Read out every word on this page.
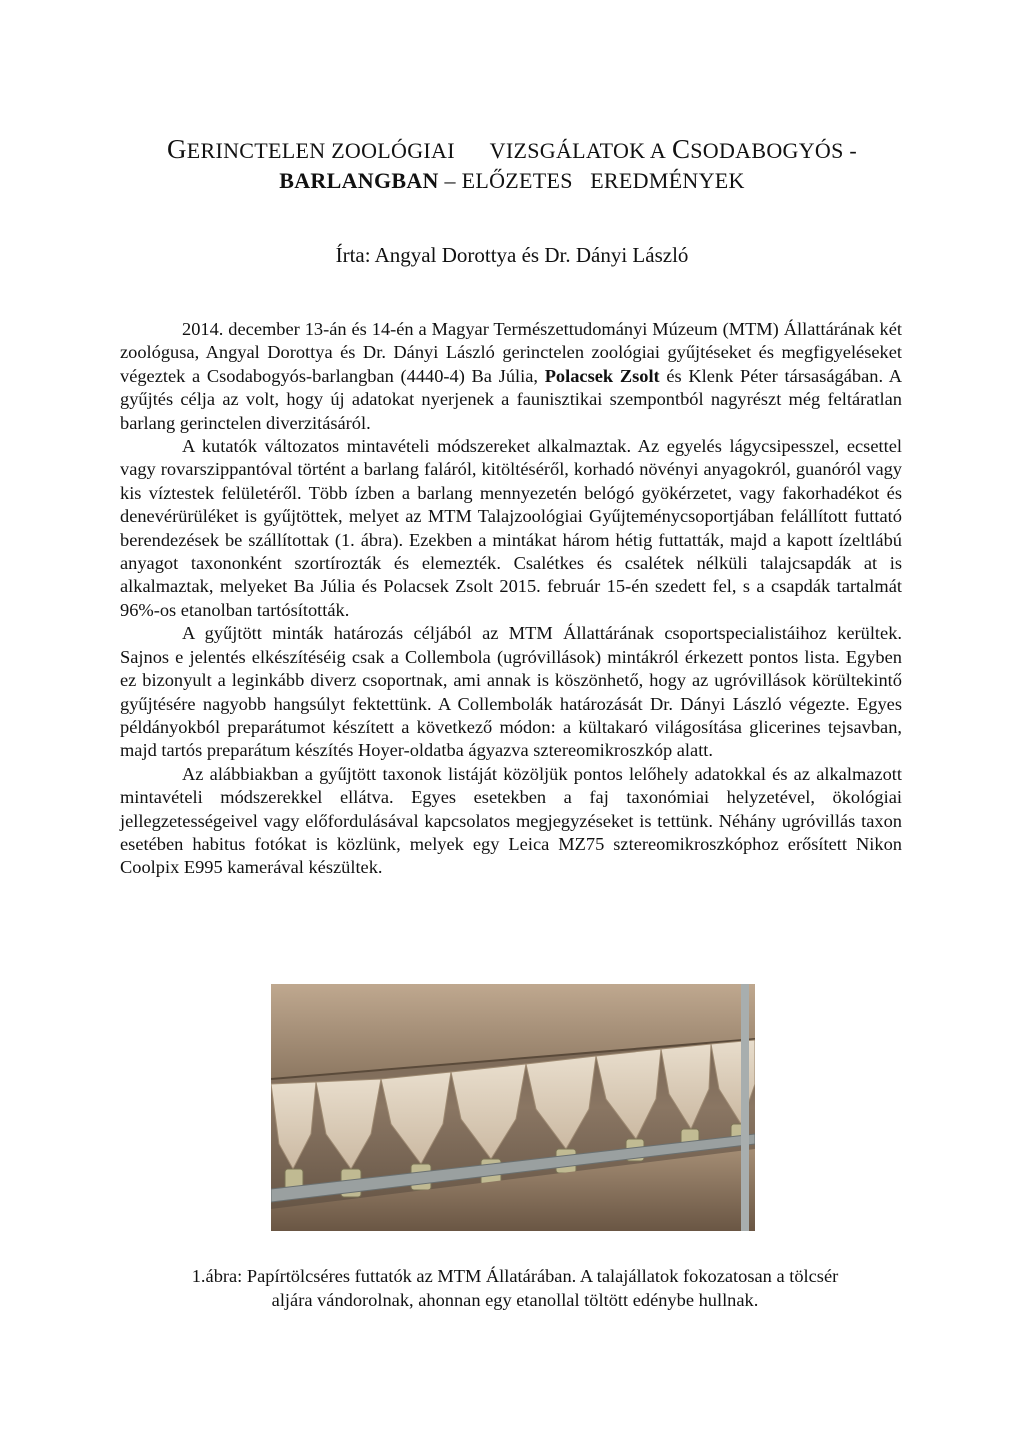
GERINCTELEN ZOOLÓGIAI VIZSGÁLATOK A CSODABOGYÓS -
BARLANGBAN – ELŐZETES   EREDMÉNYEK
Írta: Angyal Dorottya és Dr. Dányi László

2014. december 13-án és 14-én a Magyar Természettudományi Múzeum (MTM) Állattárának két zoológusa, Angyal Dorottya és Dr. Dányi László gerinctelen zoológiai gyűjtéseket és megfigyeléseket végeztek a Csodabogyós-barlangban (4440-4) Ba Júlia, Polacsek Zsolt és Klenk Péter társaságában. A gyűjtés célja az volt, hogy új adatokat nyerjenek a faunisztikai szempontból nagyrészt még feltáratlan barlang gerinctelen diverzitásáról.

A kutatók változatos mintavételi módszereket alkalmaztak. Az egyelés lágycsipesszel, ecsettel vagy rovarszippantóval történt a barlang faláról, kitöltéséről, korhadó növényi anyagokról, guanóról vagy kis víztestek felületéről. Több ízben a barlang mennyezetén belógó gyökérzetet, vagy fakorhadékot és denevérürüléket is gyűjtöttek, melyet az MTM Talajzoológiai Gyűjteménycsoportjában felállított futtató berendezések be szállítottak (1. ábra). Ezekben a mintákat három hétig futtatták, majd a kapott ízeltlábú anyagot taxononként szortírozták és elemezték. Csalétkes és csalétek nélküli talajcsapdák at is alkalmaztak, melyeket Ba Júlia és Polacsek Zsolt 2015. február 15-én szedett fel, s a csapdák tartalmát 96%-os etanolban tartósították.

A gyűjtött minták határozás céljából az MTM Állattárának csoportspecialistáihoz kerültek. Sajnos e jelentés elkészítéséig csak a Collembola (ugróvillások) mintákról érkezett pontos lista. Egyben ez bizonyult a leginkább diverz csoportnak, ami annak is köszönhető, hogy az ugróvillások körültekintő gyűjtésére nagyobb hangsúlyt fektettünk. A Collembolák határozását Dr. Dányi László végezte. Egyes példányokból preparátumot készített a következő módon: a kültakaró világosítása glicerines tejsavban, majd tartós preparátum készítés Hoyer-oldatba ágyazva sztereomikroszkóp alatt.

Az alábbiakban a gyűjtött taxonok listáját közöljük pontos lelőhely adatokkal és az alkalmazott mintavételi módszerekkel ellátva. Egyes esetekben a faj taxonómiai helyzetével, ökológiai jellegzetességeivel vagy előfordulásával kapcsolatos megjegyzéseket is tettünk. Néhány ugróvillás taxon esetében habitus fotókat is közlünk, melyek egy Leica MZ75 sztereomikroszkóphoz erősített Nikon Coolpix E995 kamerával készültek.

1.ábra: Papírtölcséres futtatók az MTM Állatárában. A talajállatok fokozatosan a tölcsér
aljára vándorolnak, ahonnan egy etanollal töltött edénybe hullnak.
